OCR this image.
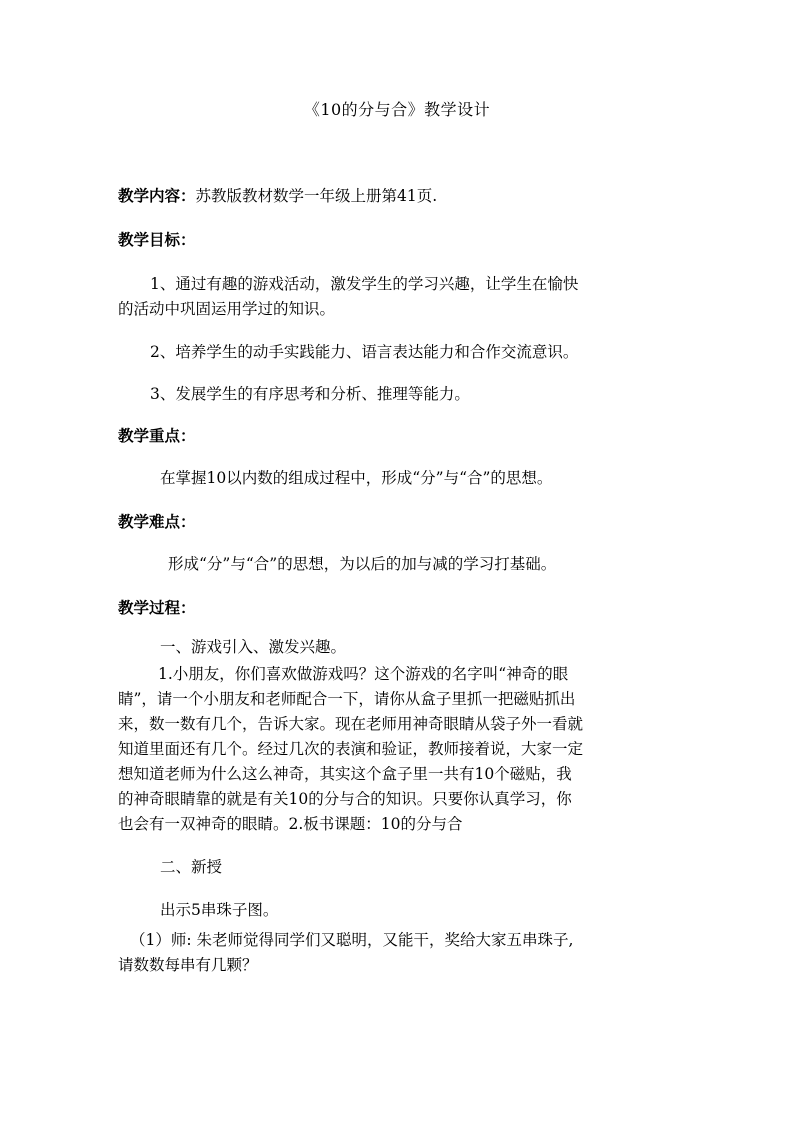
《10的分与合》教学设计
教学内容：苏教版教材数学一年级上册第41页.
教学目标：
1、通过有趣的游戏活动，激发学生的学习兴趣，让学生在愉快
的活动中巩固运用学过的知识。
2、培养学生的动手实践能力、语言表达能力和合作交流意识。
3、发展学生的有序思考和分析、推理等能力。
教学重点：
在掌握10以内数的组成过程中，形成“分”与“合”的思想。
教学难点：
形成“分”与“合”的思想，为以后的加与减的学习打基础。
教学过程：
一、游戏引入、激发兴趣。
1.小朋友，你们喜欢做游戏吗？这个游戏的名字叫“神奇的眼
睛”，请一个小朋友和老师配合一下，请你从盒子里抓一把磁贴抓出
来，数一数有几个，告诉大家。现在老师用神奇眼睛从袋子外一看就
知道里面还有几个。经过几次的表演和验证，教师接着说，大家一定
想知道老师为什么这么神奇，其实这个盒子里一共有10个磁贴，我
的神奇眼睛靠的就是有关10的分与合的知识。只要你认真学习，你
也会有一双神奇的眼睛。2.板书课题：10的分与合
二、新授
出示5串珠子图。
（1）师: 朱老师觉得同学们又聪明，又能干，奖给大家五串珠子,
请数数每串有几颗？
